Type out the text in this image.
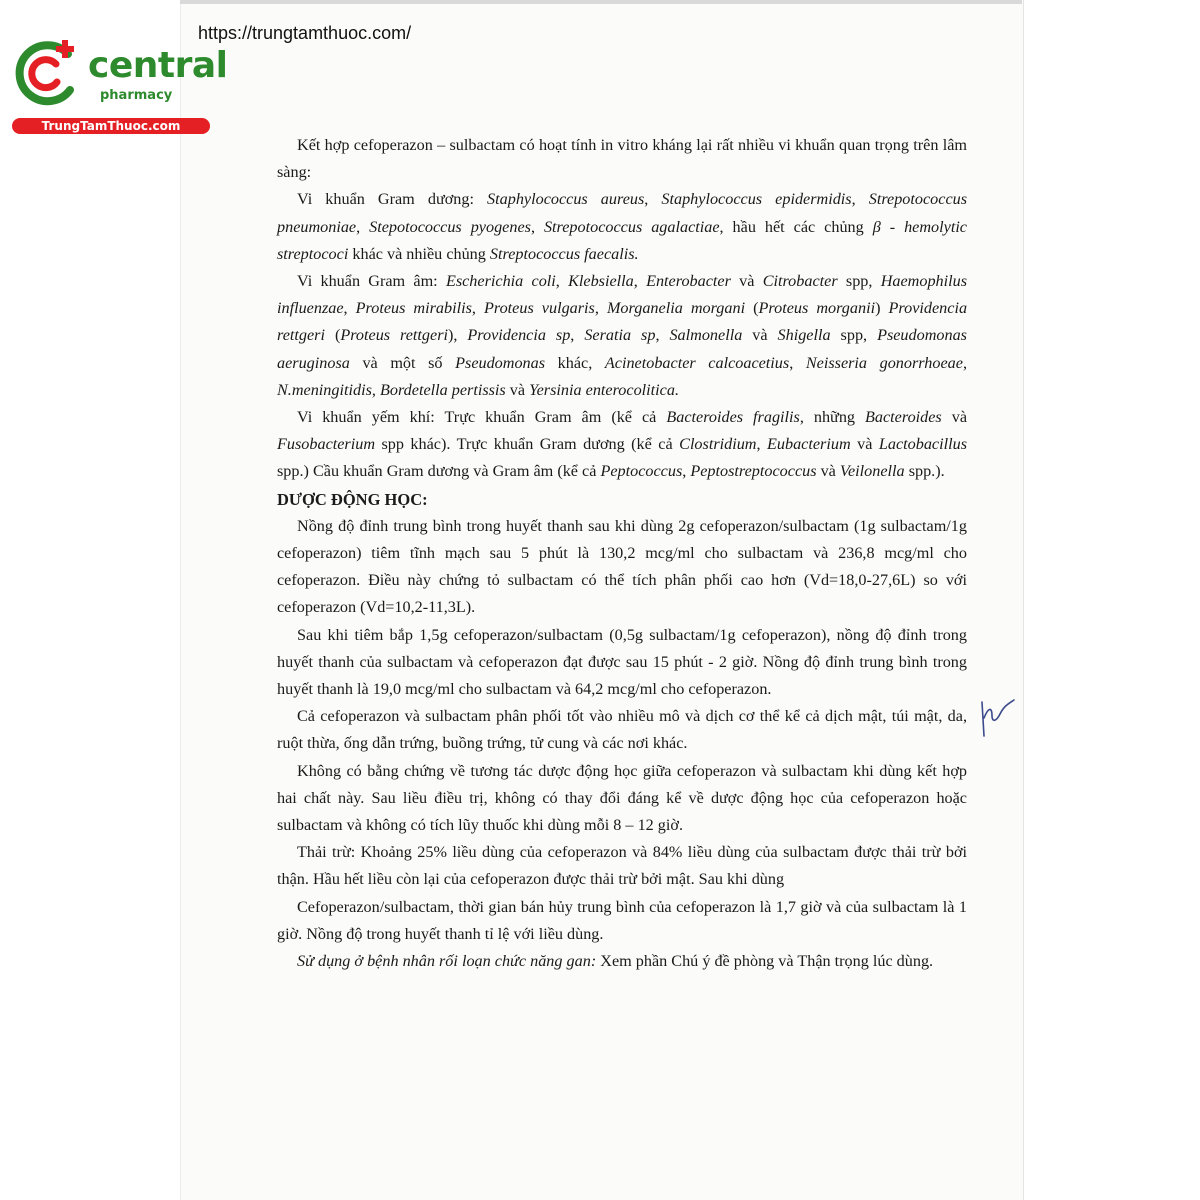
central
pharmacy
TrungTamThuoc.com
https://trungtamthuoc.com/

Kết hợp cefoperazon – sulbactam có hoạt tính in vitro kháng lại rất nhiều vi khuẩn quan trọng trên lâm sàng:

Vi khuẩn Gram dương: Staphylococcus aureus, Staphylococcus epidermidis, Strepotococcus pneumoniae, Stepotococcus pyogenes, Strepotococcus agalactiae, hầu hết các chủng β - hemolytic streptococi khác và nhiều chủng Streptococcus faecalis.

Vi khuẩn Gram âm: Escherichia coli, Klebsiella, Enterobacter và Citrobacter spp, Haemophilus influenzae, Proteus mirabilis, Proteus vulgaris, Morganelia morgani (Proteus morganii) Providencia rettgeri (Proteus rettgeri), Providencia sp, Seratia sp, Salmonella và Shigella spp, Pseudomonas aeruginosa và một số Pseudomonas khác, Acinetobacter calcoacetius, Neisseria gonorrhoeae, N.meningitidis, Bordetella pertissis và Yersinia enterocolitica.

Vi khuẩn yếm khí: Trực khuẩn Gram âm (kể cả Bacteroides fragilis, những Bacteroides và Fusobacterium spp khác). Trực khuẩn Gram dương (kể cả Clostridium, Eubacterium và Lactobacillus spp.) Cầu khuẩn Gram dương và Gram âm (kể cả Peptococcus, Peptostreptococcus và Veilonella spp.).

DƯỢC ĐỘNG HỌC:

Nồng độ đỉnh trung bình trong huyết thanh sau khi dùng 2g cefoperazon/sulbactam (1g sulbactam/1g cefoperazon) tiêm tĩnh mạch sau 5 phút là 130,2 mcg/ml cho sulbactam và 236,8 mcg/ml cho cefoperazon. Điều này chứng tỏ sulbactam có thể tích phân phối cao hơn (Vd=18,0-27,6L) so với cefoperazon (Vd=10,2-11,3L).

Sau khi tiêm bắp 1,5g cefoperazon/sulbactam (0,5g sulbactam/1g cefoperazon), nồng độ đỉnh trong huyết thanh của sulbactam và cefoperazon đạt được sau 15 phút - 2 giờ. Nồng độ đỉnh trung bình trong huyết thanh là 19,0 mcg/ml cho sulbactam và 64,2 mcg/ml cho cefoperazon.

Cả cefoperazon và sulbactam phân phối tốt vào nhiều mô và dịch cơ thể kể cả dịch mật, túi mật, da, ruột thừa, ống dẫn trứng, buồng trứng, tử cung và các nơi khác.

Không có bằng chứng về tương tác dược động học giữa cefoperazon và sulbactam khi dùng kết hợp hai chất này. Sau liều điều trị, không có thay đổi đáng kể về dược động học của cefoperazon hoặc sulbactam và không có tích lũy thuốc khi dùng mỗi 8 – 12 giờ.

Thải trừ: Khoảng 25% liều dùng của cefoperazon và 84% liều dùng của sulbactam được thải trừ bởi thận. Hầu hết liều còn lại của cefoperazon được thải trừ bởi mật. Sau khi dùng

Cefoperazon/sulbactam, thời gian bán hủy trung bình của cefoperazon là 1,7 giờ và của sulbactam là 1 giờ. Nồng độ trong huyết thanh tỉ lệ với liều dùng.

Sử dụng ở bệnh nhân rối loạn chức năng gan: Xem phần Chú ý đề phòng và Thận trọng lúc dùng.
